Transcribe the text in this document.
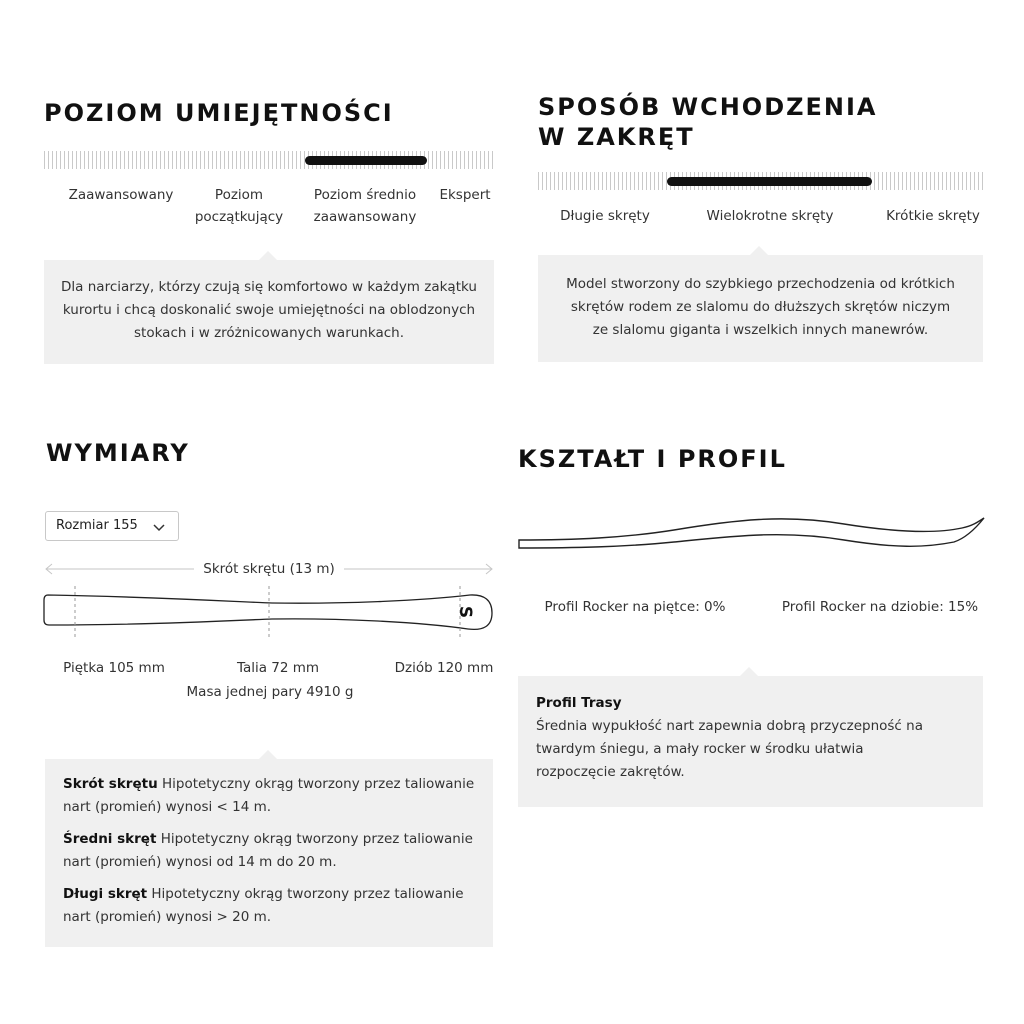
POZIOM UMIEJĘTNOŚCI
Zaawansowany	Poziom
początkujący
Poziom średnio
zaawansowany
Ekspert
Dla narciarzy, którzy czują się komfortowo w każdym zakątku
kurortu i chcą doskonalić swoje umiejętności na oblodzonych
stokach i w zróżnicowanych warunkach.
SPOSÓB WCHODZENIA
W ZAKRĘT
Długie skręty	Wielokrotne skręty	Krótkie skręty
Model stworzony do szybkiego przechodzenia od krótkich
skrętów rodem ze slalomu do dłuższych skrętów niczym
ze slalomu giganta i wszelkich innych manewrów.
WYMIARY
Rozmiar 155
Skrót skrętu (13 m)
S
Piętka 105 mm	Talia 72 mm	Dziób 120 mm
Masa jednej pary 4910 g

Skrót skrętu Hipotetyczny okrąg tworzony przez taliowanie nart (promień) wynosi < 14 m.

Średni skręt Hipotetyczny okrąg tworzony przez taliowanie nart (promień) wynosi od 14 m do 20 m.

Długi skręt Hipotetyczny okrąg tworzony przez taliowanie nart (promień) wynosi > 20 m.

KSZTAŁT I PROFIL
Profil Rocker na piętce: 0%	Profil Rocker na dziobie: 15%
Profil Trasy
Średnia wypukłość nart zapewnia dobrą przyczepność na
twardym śniegu, a mały rocker w środku ułatwia
rozpoczęcie zakrętów.
